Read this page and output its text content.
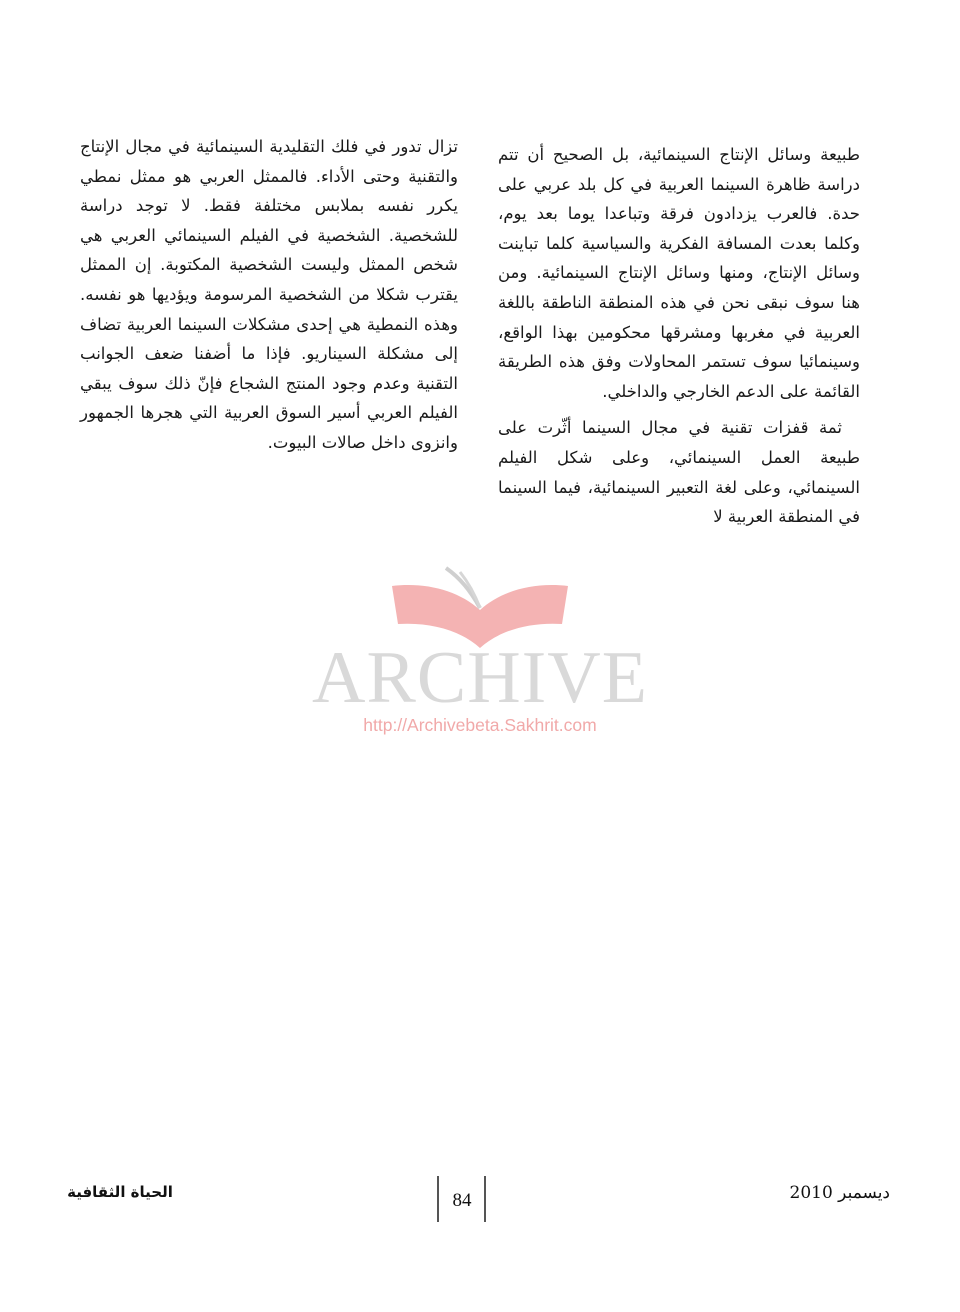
طبيعة وسائل الإنتاج السينمائية، بل الصحيح أن تتم دراسة ظاهرة السينما العربية في كل بلد عربي على حدة. فالعرب يزدادون فرقة وتباعدا يوما بعد يوم، وكلما بعدت المسافة الفكرية والسياسية كلما تباينت وسائل الإنتاج، ومنها وسائل الإنتاج السينمائية. ومن هنا سوف نبقى نحن في هذه المنطقة الناطقة باللغة العربية في مغربها ومشرقها محكومين بهذا الواقع، وسينمائيا سوف تستمر المحاولات وفق هذه الطريقة القائمة على الدعم الخارجي والداخلي.

ثمة قفزات تقنية في مجال السينما أثّرت على طبيعة العمل السينمائي، وعلى شكل الفيلم السينمائي، وعلى لغة التعبير السينمائية، فيما السينما في المنطقة العربية لا

تزال تدور في فلك التقليدية السينمائية في مجال الإنتاج والتقنية وحتى الأداء. فالممثل العربي هو ممثل نمطي يكرر نفسه بملابس مختلفة فقط. لا توجد دراسة للشخصية. الشخصية في الفيلم السينمائي العربي هي شخص الممثل وليست الشخصية المكتوبة. إن الممثل يقترب شكلا من الشخصية المرسومة ويؤديها هو نفسه. وهذه النمطية هي إحدى مشكلات السينما العربية تضاف إلى مشكلة السيناريو. فإذا ما أضفنا ضعف الجوانب التقنية وعدم وجود المنتج الشجاع فإنّ ذلك سوف يبقي الفيلم العربي أسير السوق العربية التي هجرها الجمهور وانزوى داخل صالات البيوت.

ARCHIVE
http://Archivebeta.Sakhrit.com
84
الحياة الثقافية	ديسمبر 2010
